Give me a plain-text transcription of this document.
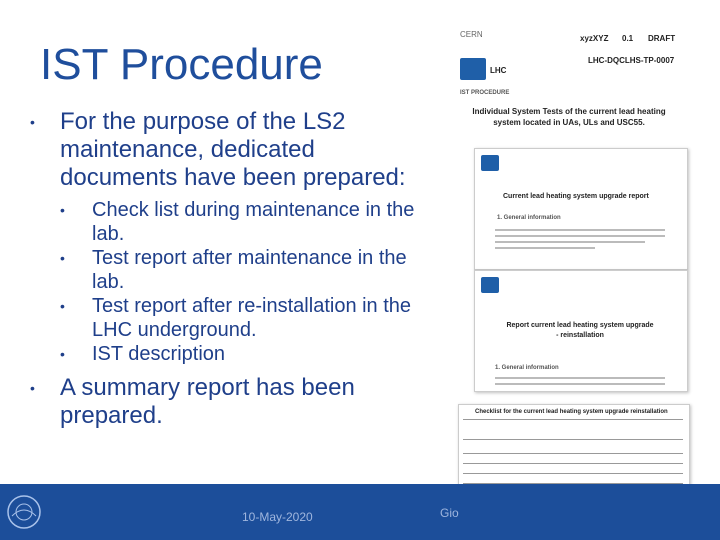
IST Procedure
• For the purpose of the LS2 maintenance, dedicated documents have been prepared:
• Check list during maintenance in the lab.
• Test report after maintenance in the lab.
• Test report after re-installation in the LHC underground.
• IST description
• A summary report has been prepared.
CERN	xyzXYZ 0.1 DRAFT
LHC
LHC-DQCLHS-TP-0007
IST PROCEDURE
Individual System Tests of the current lead heating system located in UAs, ULs and USC55.
Current lead heating system upgrade report
1. General information
Report current lead heating system upgrade - reinstallation
1. General information
Checklist for the current lead heating system upgrade reinstallation
10-May-2020	Gio
